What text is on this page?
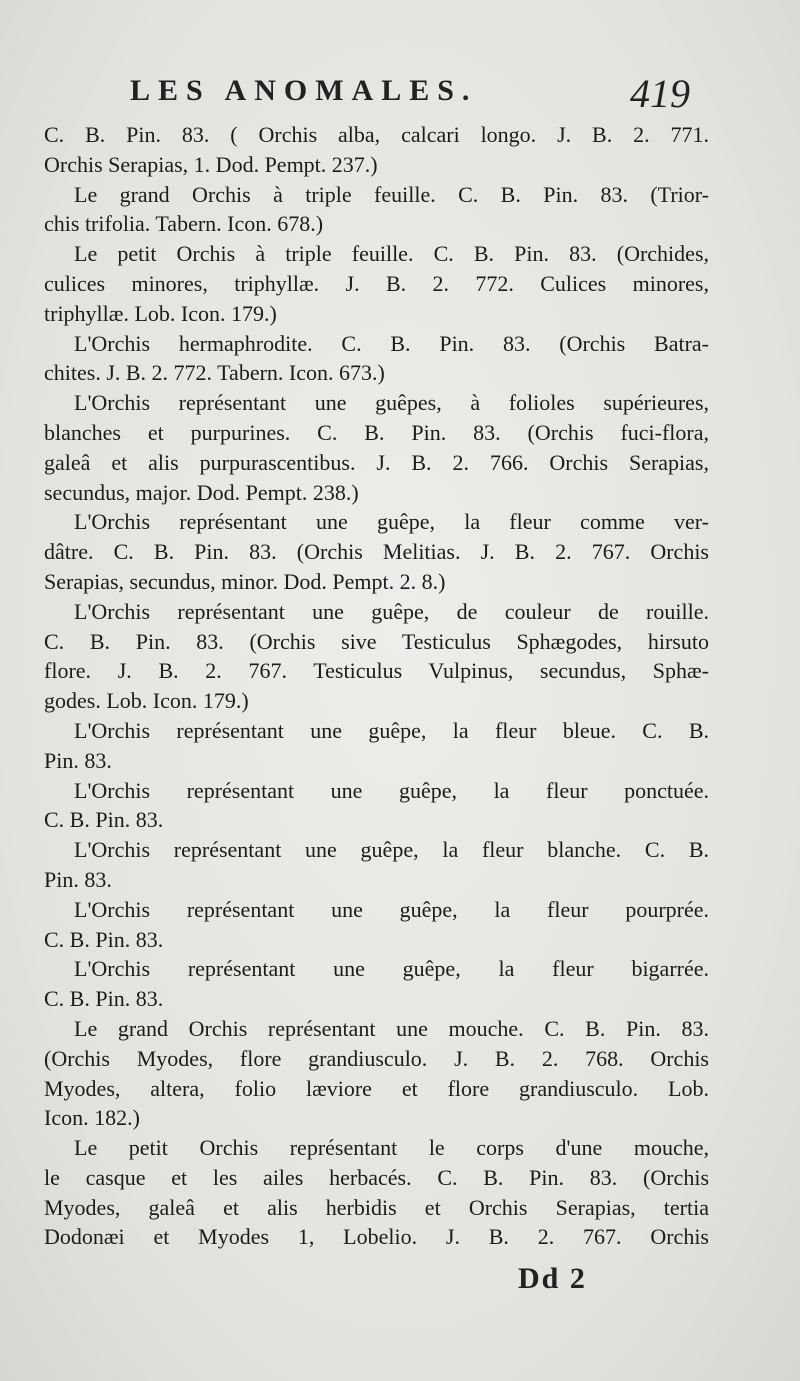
LES ANOMALES.	419
C. B. Pin. 83. ( Orchis alba, calcari longo. J. B. 2. 771.
Orchis Serapias, 1. Dod. Pempt. 237.)
Le grand Orchis à triple feuille. C. B. Pin. 83. (Trior-
chis trifolia. Tabern. Icon. 678.)
Le petit Orchis à triple feuille. C. B. Pin. 83. (Orchides,
culices minores, triphyllæ. J. B. 2. 772. Culices minores,
triphyllæ. Lob. Icon. 179.)
L'Orchis hermaphrodite. C. B. Pin. 83. (Orchis Batra-
chites. J. B. 2. 772. Tabern. Icon. 673.)
L'Orchis représentant une guêpes, à folioles supérieures,
blanches et purpurines. C. B. Pin. 83. (Orchis fuci-flora,
galeâ et alis purpurascentibus. J. B. 2. 766. Orchis Serapias,
secundus, major. Dod. Pempt. 238.)
L'Orchis représentant une guêpe, la fleur comme ver-
dâtre. C. B. Pin. 83. (Orchis Melitias. J. B. 2. 767. Orchis
Serapias, secundus, minor. Dod. Pempt. 2. 8.)
L'Orchis représentant une guêpe, de couleur de rouille.
C. B. Pin. 83. (Orchis sive Testiculus Sphægodes, hirsuto
flore. J. B. 2. 767. Testiculus Vulpinus, secundus, Sphæ-
godes. Lob. Icon. 179.)
L'Orchis représentant une guêpe, la fleur bleue. C. B.
Pin. 83.
L'Orchis représentant une guêpe, la fleur ponctuée.
C. B. Pin. 83.
L'Orchis représentant une guêpe, la fleur blanche. C. B.
Pin. 83.
L'Orchis représentant une guêpe, la fleur pourprée.
C. B. Pin. 83.
L'Orchis représentant une guêpe, la fleur bigarrée.
C. B. Pin. 83.
Le grand Orchis représentant une mouche. C. B. Pin. 83.
(Orchis Myodes, flore grandiusculo. J. B. 2. 768. Orchis
Myodes, altera, folio læviore et flore grandiusculo. Lob.
Icon. 182.)
Le petit Orchis représentant le corps d'une mouche,
le casque et les ailes herbacés. C. B. Pin. 83. (Orchis
Myodes, galeâ et alis herbidis et Orchis Serapias, tertia
Dodonæi et Myodes 1, Lobelio. J. B. 2. 767. Orchis
Dd 2
